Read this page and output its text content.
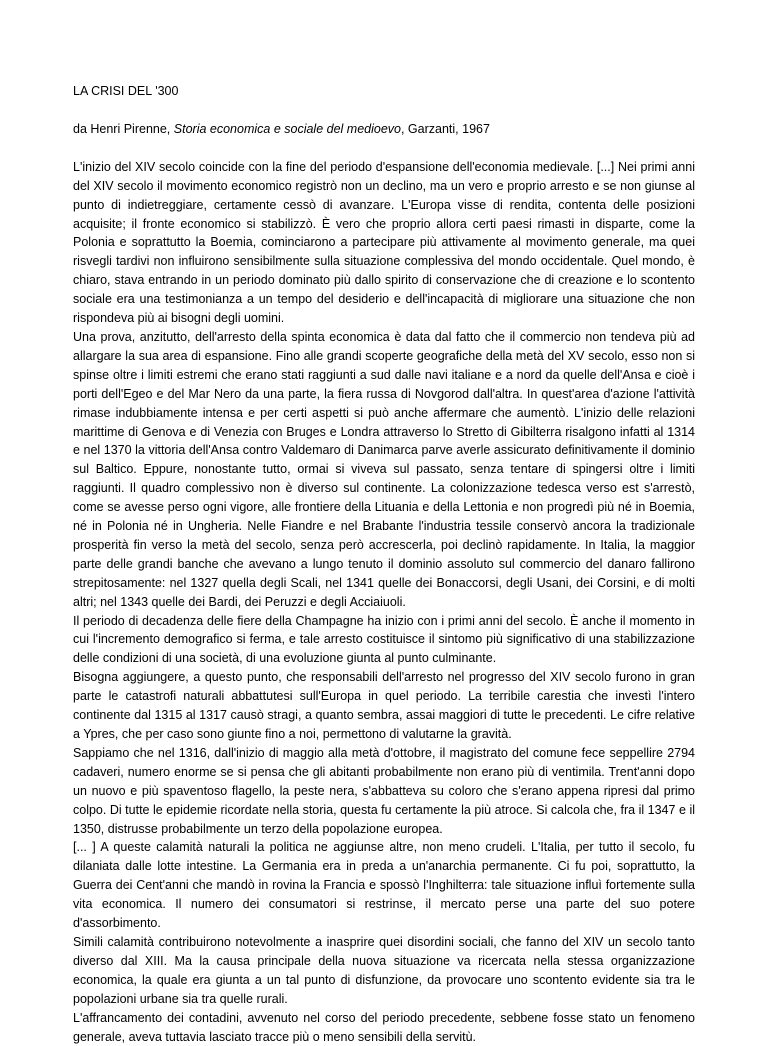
LA CRISI DEL '300
da Henri Pirenne, Storia economica e sociale del medioevo, Garzanti, 1967

L'inizio del XIV secolo coincide con la fine del periodo d'espansione dell'economia medievale. [...] Nei primi anni del XIV secolo il movimento economico registrò non un declino, ma un vero e proprio arresto e se non giunse al punto di indietreggiare, certamente cessò di avanzare. L'Europa visse di rendita, contenta delle posizioni acquisite; il fronte economico si stabilizzò. È vero che proprio allora certi paesi rimasti in disparte, come la Polonia e soprattutto la Boemia, cominciarono a partecipare più attivamente al movimento generale, ma quei risvegli tardivi non influirono sensibilmente sulla situazione complessiva del mondo occidentale. Quel mondo, è chiaro, stava entrando in un periodo dominato più dallo spirito di conservazione che di creazione e lo scontento sociale era una testimonianza a un tempo del desiderio e dell'incapacità di migliorare una situazione che non rispondeva più ai bisogni degli uomini.

Una prova, anzitutto, dell'arresto della spinta economica è data dal fatto che il commercio non tendeva più ad allargare la sua area di espansione. Fino alle grandi scoperte geografiche della metà del XV secolo, esso non si spinse oltre i limiti estremi che erano stati raggiunti a sud dalle navi italiane e a nord da quelle dell'Ansa e cioè i porti dell'Egeo e del Mar Nero da una parte, la fiera russa di Novgorod dall'altra. In quest'area d'azione l'attività rimase indubbiamente intensa e per certi aspetti si può anche affermare che aumentò. L'inizio delle relazioni marittime di Genova e di Venezia con Bruges e Londra attraverso lo Stretto di Gibilterra risalgono infatti al 1314 e nel 1370 la vittoria dell'Ansa contro Valdemaro di Danimarca parve averle assicurato definitivamente il dominio sul Baltico. Eppure, nonostante tutto, ormai si viveva sul passato, senza tentare di spingersi oltre i limiti raggiunti. Il quadro complessivo non è diverso sul continente. La colonizzazione tedesca verso est s'arrestò, come se avesse perso ogni vigore, alle frontiere della Lituania e della Lettonia e non progredì più né in Boemia, né in Polonia né in Ungheria. Nelle Fiandre e nel Brabante l'industria tessile conservò ancora la tradizionale prosperità fin verso la metà del secolo, senza però accrescerla, poi declinò rapidamente. In Italia, la maggior parte delle grandi banche che avevano a lungo tenuto il dominio assoluto sul commercio del danaro fallirono strepitosamente: nel 1327 quella degli Scali, nel 1341 quelle dei Bonaccorsi, degli Usani, dei Corsini, e di molti altri; nel 1343 quelle dei Bardi, dei Peruzzi e degli Acciaiuoli.

Il periodo di decadenza delle fiere della Champagne ha inizio con i primi anni del secolo. È anche il momento in cui l'incremento demografico si ferma, e tale arresto costituisce il sintomo più significativo di una stabilizzazione delle condizioni di una società, di una evoluzione giunta al punto culminante.

Bisogna aggiungere, a questo punto, che responsabili dell'arresto nel progresso del XIV secolo furono in gran parte le catastrofi naturali abbattutesi sull'Europa in quel periodo. La terribile carestia che investì l'intero continente dal 1315 al 1317 causò stragi, a quanto sembra, assai maggiori di tutte le precedenti. Le cifre relative a Ypres, che per caso sono giunte fino a noi, permettono di valutarne la gravità.

Sappiamo che nel 1316, dall'inizio di maggio alla metà d'ottobre, il magistrato del comune fece seppellire 2794 cadaveri, numero enorme se si pensa che gli abitanti probabilmente non erano più di ventimila. Trent'anni dopo un nuovo e più spaventoso flagello, la peste nera, s'abbatteva su coloro che s'erano appena ripresi dal primo colpo. Di tutte le epidemie ricordate nella storia, questa fu certamente la più atroce. Si calcola che, fra il 1347 e il 1350, distrusse probabilmente un terzo della popolazione europea.

[... ] A queste calamità naturali la politica ne aggiunse altre, non meno crudeli. L'Italia, per tutto il secolo, fu dilaniata dalle lotte intestine. La Germania era in preda a un'anarchia permanente. Ci fu poi, soprattutto, la Guerra dei Cent'anni che mandò in rovina la Francia e spossò l'Inghilterra: tale situazione influì fortemente sulla vita economica. Il numero dei consumatori si restrinse, il mercato perse una parte del suo potere d'assorbimento.

Simili calamità contribuirono notevolmente a inasprire quei disordini sociali, che fanno del XIV un secolo tanto diverso dal XIII. Ma la causa principale della nuova situazione va ricercata nella stessa organizzazione economica, la quale era giunta a un tal punto di disfunzione, da provocare uno scontento evidente sia tra le popolazioni urbane sia tra quelle rurali.

L'affrancamento dei contadini, avvenuto nel corso del periodo precedente, sebbene fosse stato un fenomeno generale, aveva tuttavia lasciato tracce più o meno sensibili della servitù.
